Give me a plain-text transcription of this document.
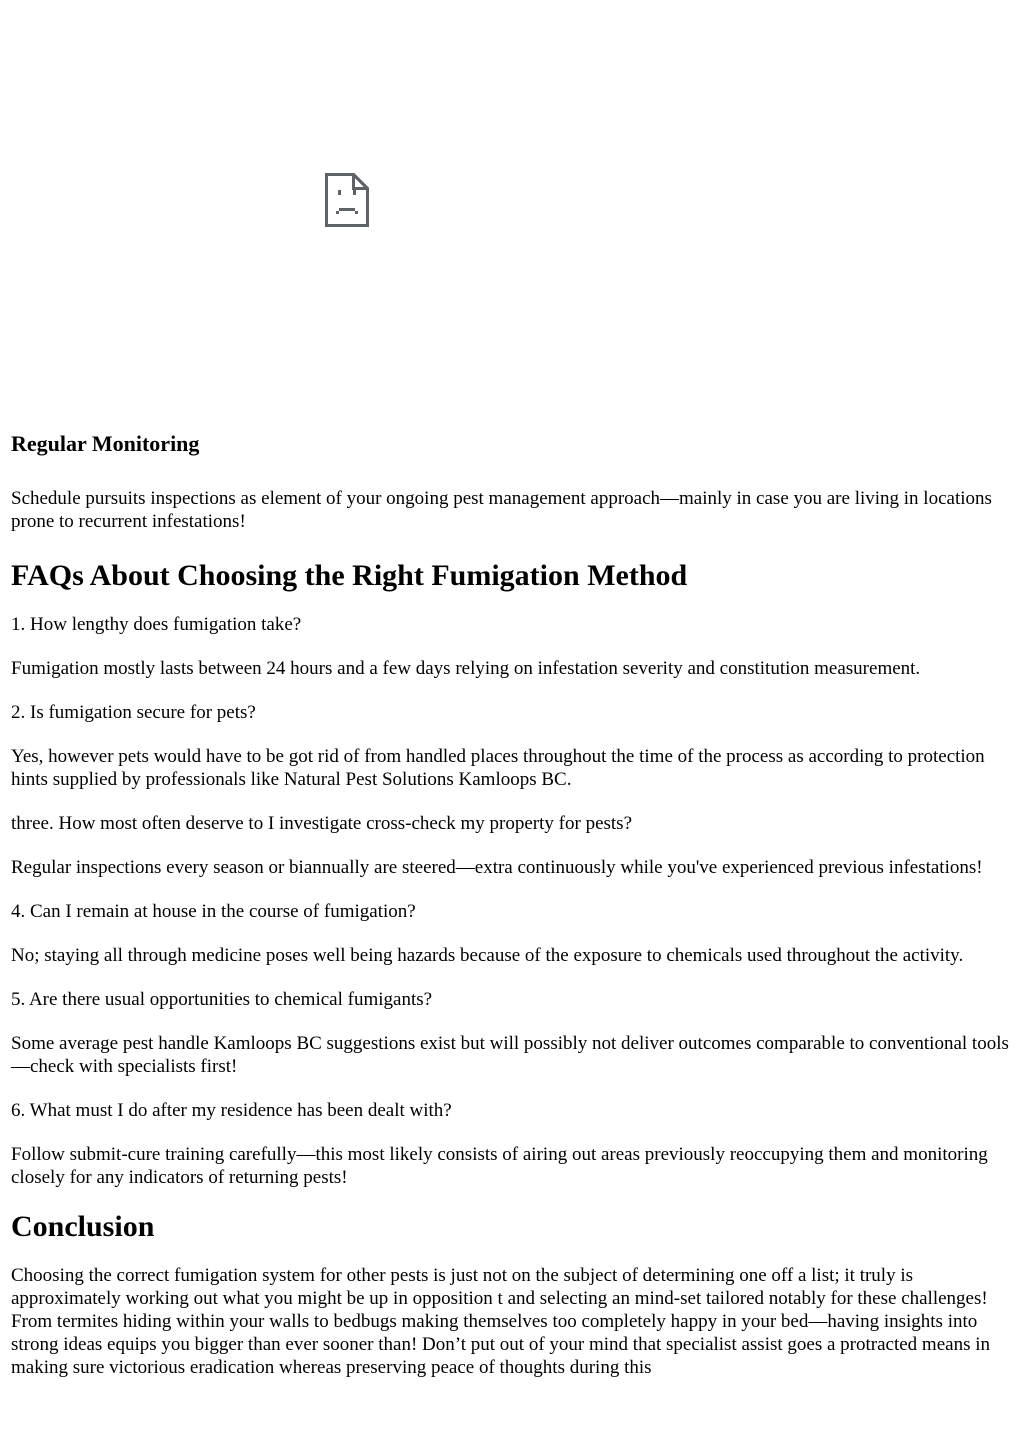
Regular Monitoring

Schedule pursuits inspections as element of your ongoing pest management approach—mainly in case you are living in locations prone to recurrent infestations!

FAQs About Choosing the Right Fumigation Method

1. How lengthy does fumigation take?

Fumigation mostly lasts between 24 hours and a few days relying on infestation severity and constitution measurement.

2. Is fumigation secure for pets?

Yes, however pets would have to be got rid of from handled places throughout the time of the process as according to protection hints supplied by professionals like Natural Pest Solutions Kamloops BC.

three. How most often deserve to I investigate cross-check my property for pests?

Regular inspections every season or biannually are steered—extra continuously while you've experienced previous infestations!

4. Can I remain at house in the course of fumigation?

No; staying all through medicine poses well being hazards because of the exposure to chemicals used throughout the activity.

5. Are there usual opportunities to chemical fumigants?

Some average pest handle Kamloops BC suggestions exist but will possibly not deliver outcomes comparable to conventional tools—check with specialists first!

6. What must I do after my residence has been dealt with?

Follow submit-cure training carefully—this most likely consists of airing out areas previously reoccupying them and monitoring closely for any indicators of returning pests!

Conclusion

Choosing the correct fumigation system for other pests is just not on the subject of determining one off a list; it truly is approximately working out what you might be up in opposition t and selecting an mind-set tailored notably for these challenges! From termites hiding within your walls to bedbugs making themselves too completely happy in your bed—having insights into strong ideas equips you bigger than ever sooner than! Don’t put out of your mind that specialist assist goes a protracted means in making sure victorious eradication whereas preserving peace of thoughts during this
